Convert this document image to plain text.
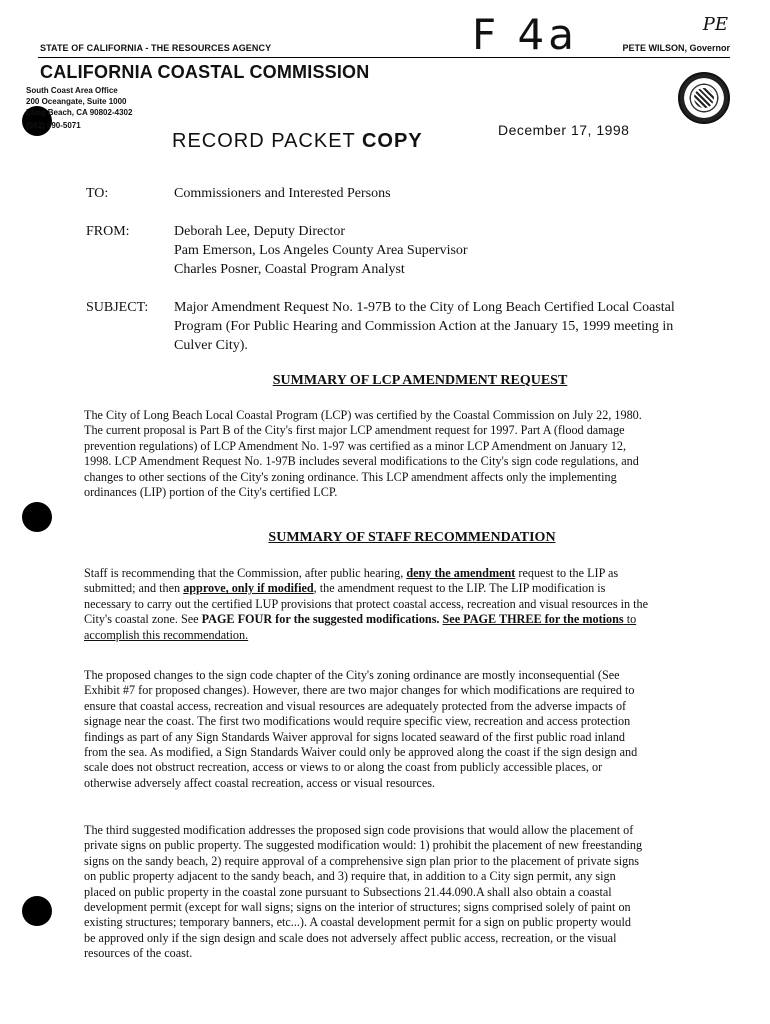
STATE OF CALIFORNIA - THE RESOURCES AGENCY	F 4a	PE
PETE WILSON, Governor
CALIFORNIA COASTAL COMMISSION
South Coast Area Office
200 Oceangate, Suite 1000
Long Beach, CA 90802-4302
(562) 590-5071
RECORD PACKET COPY	December 17, 1998
TO:	Commissioners and Interested Persons
FROM:	Deborah Lee, Deputy Director
Pam Emerson, Los Angeles County Area Supervisor
Charles Posner, Coastal Program Analyst
SUBJECT: Major Amendment Request No. 1-97B to the City of Long Beach Certified Local Coastal
Program (For Public Hearing and Commission Action at the January 15, 1999 meeting in
Culver City).
SUMMARY OF LCP AMENDMENT REQUEST
The City of Long Beach Local Coastal Program (LCP) was certified by the Coastal Commission on July 22, 1980.
The current proposal is Part B of the City's first major LCP amendment request for 1997. Part A (flood damage
prevention regulations) of LCP Amendment No. 1-97 was certified as a minor LCP Amendment on January 12,
1998. LCP Amendment Request No. 1-97B includes several modifications to the City's sign code regulations, and
changes to other sections of the City's zoning ordinance. This LCP amendment affects only the implementing
ordinances (LIP) portion of the City's certified LCP.
SUMMARY OF STAFF RECOMMENDATION
Staff is recommending that the Commission, after public hearing, deny the amendment request to the LIP as
submitted; and then approve, only if modified, the amendment request to the LIP. The LIP modification is
necessary to carry out the certified LUP provisions that protect coastal access, recreation and visual resources in the
City's coastal zone. See PAGE FOUR for the suggested modifications. See PAGE THREE for the motions to
accomplish this recommendation.
The proposed changes to the sign code chapter of the City's zoning ordinance are mostly inconsequential (See
Exhibit #7 for proposed changes). However, there are two major changes for which modifications are required to
ensure that coastal access, recreation and visual resources are adequately protected from the adverse impacts of
signage near the coast. The first two modifications would require specific view, recreation and access protection
findings as part of any Sign Standards Waiver approval for signs located seaward of the first public road inland
from the sea. As modified, a Sign Standards Waiver could only be approved along the coast if the sign design and
scale does not obstruct recreation, access or views to or along the coast from publicly accessible places, or
otherwise adversely affect coastal recreation, access or visual resources.
The third suggested modification addresses the proposed sign code provisions that would allow the placement of
private signs on public property. The suggested modification would: 1) prohibit the placement of new freestanding
signs on the sandy beach, 2) require approval of a comprehensive sign plan prior to the placement of private signs
on public property adjacent to the sandy beach, and 3) require that, in addition to a City sign permit, any sign
placed on public property in the coastal zone pursuant to Subsections 21.44.090.A shall also obtain a coastal
development permit (except for wall signs; signs on the interior of structures; signs comprised solely of paint on
existing structures; temporary banners, etc...). A coastal development permit for a sign on public property would
be approved only if the sign design and scale does not adversely affect public access, recreation, or the visual
resources of the coast.
